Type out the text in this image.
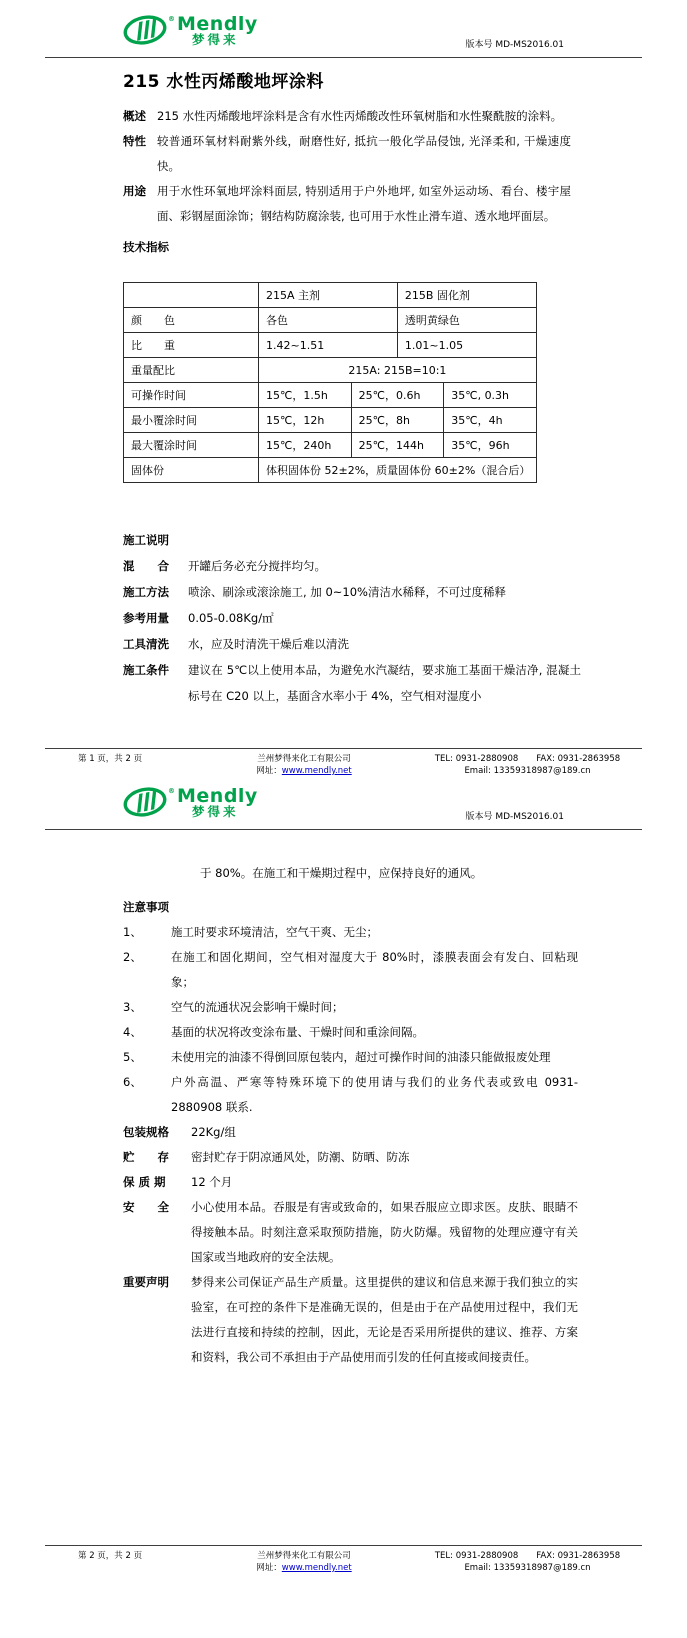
® Mendly
梦得来	版本号 MD-MS2016.01
215 水性丙烯酸地坪涂料
概述 215 水性丙烯酸地坪涂料是含有水性丙烯酸改性环氧树脂和水性聚酰胺的涂料。
特性 较普通环氧材料耐紫外线，耐磨性好, 抵抗一般化学品侵蚀, 光泽柔和, 干燥速度快。
用途 用于水性环氧地坪涂料面层, 特别适用于户外地坪, 如室外运动场、看台、楼宇屋面、彩钢屋面涂饰；钢结构防腐涂装, 也可用于水性止滑车道、透水地坪面层。
技术指标
	215A 主剂		215B 固化剂	
颜　　色	各色		透明黄绿色	
比　　重	1.42~1.51		1.01~1.05	
重量配比	215A: 215B=10:1			
可操作时间	15℃，1.5h	25℃，0.6h		35℃, 0.3h
最小覆涂时间	15℃，12h	25℃，8h		35℃，4h
最大覆涂时间	15℃，240h	25℃，144h		35℃，96h
固体份	体积固体份 52±2%，质量固体份 60±2%（混合后）			
施工说明
混　　合	开罐后务必充分搅拌均匀。
施工方法	喷涂、刷涂或滚涂施工, 加 0~10%清洁水稀释，不可过度稀释
参考用量	0.05-0.08Kg/㎡
工具清洗	水，应及时清洗干燥后难以清洗
施工条件	建议在 5℃以上使用本品，为避免水汽凝结，要求施工基面干燥洁净, 混凝土标号在 C20 以上，基面含水率小于 4%，空气相对湿度小
第 1 页，共 2 页	兰州梦得来化工有限公司
网址：www.mendly.net
TEL: 0931-2880908 FAX: 0931-2863958
Email: 13359318987@189.cn
® Mendly
梦得来	版本号 MD-MS2016.01
于 80%。在施工和干燥期过程中，应保持良好的通风。
注意事项
1、	施工时要求环境清洁，空气干爽、无尘；
2、	在施工和固化期间，空气相对湿度大于 80%时，漆膜表面会有发白、回粘现象；
3、	空气的流通状况会影响干燥时间；
4、	基面的状况将改变涂布量、干燥时间和重涂间隔。
5、	未使用完的油漆不得倒回原包装内，超过可操作时间的油漆只能做报废处理
6、	户外高温、严寒等特殊环境下的使用请与我们的业务代表或致电 0931-2880908 联系.
包装规格	22Kg/组
贮　　存	密封贮存于阴凉通风处，防潮、防晒、防冻
保 质 期	12 个月
安　　全	小心使用本品。吞服是有害或致命的，如果吞服应立即求医。皮肤、眼睛不得接触本品。时刻注意采取预防措施，防火防爆。残留物的处理应遵守有关国家或当地政府的安全法规。
重要声明	梦得来公司保证产品生产质量。这里提供的建议和信息来源于我们独立的实验室，在可控的条件下是准确无误的，但是由于在产品使用过程中，我们无法进行直接和持续的控制，因此，无论是否采用所提供的建议、推荐、方案和资料，我公司不承担由于产品使用而引发的任何直接或间接责任。
第 2 页，共 2 页	兰州梦得来化工有限公司
网址：www.mendly.net
TEL: 0931-2880908 FAX: 0931-2863958
Email: 13359318987@189.cn
